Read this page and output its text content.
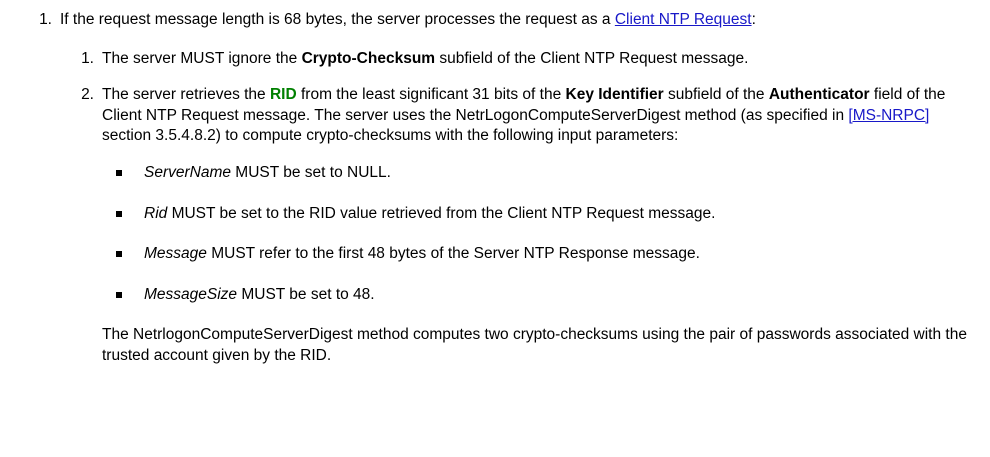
1. If the request message length is 68 bytes, the server processes the request as a Client NTP Request:

1. The server MUST ignore the Crypto-Checksum subfield of the Client NTP Request message.

2. The server retrieves the RID from the least significant 31 bits of the Key Identifier subfield of the Authenticator field of the Client NTP Request message. The server uses the NetrLogonComputeServerDigest method (as specified in [MS-NRPC] section 3.5.4.8.2) to compute crypto-checksums with the following input parameters:

ServerName MUST be set to NULL.

Rid MUST be set to the RID value retrieved from the Client NTP Request message.

Message MUST refer to the first 48 bytes of the Server NTP Response message.

MessageSize MUST be set to 48.

The NetrlogonComputeServerDigest method computes two crypto-checksums using the pair of passwords associated with the trusted account given by the RID.
